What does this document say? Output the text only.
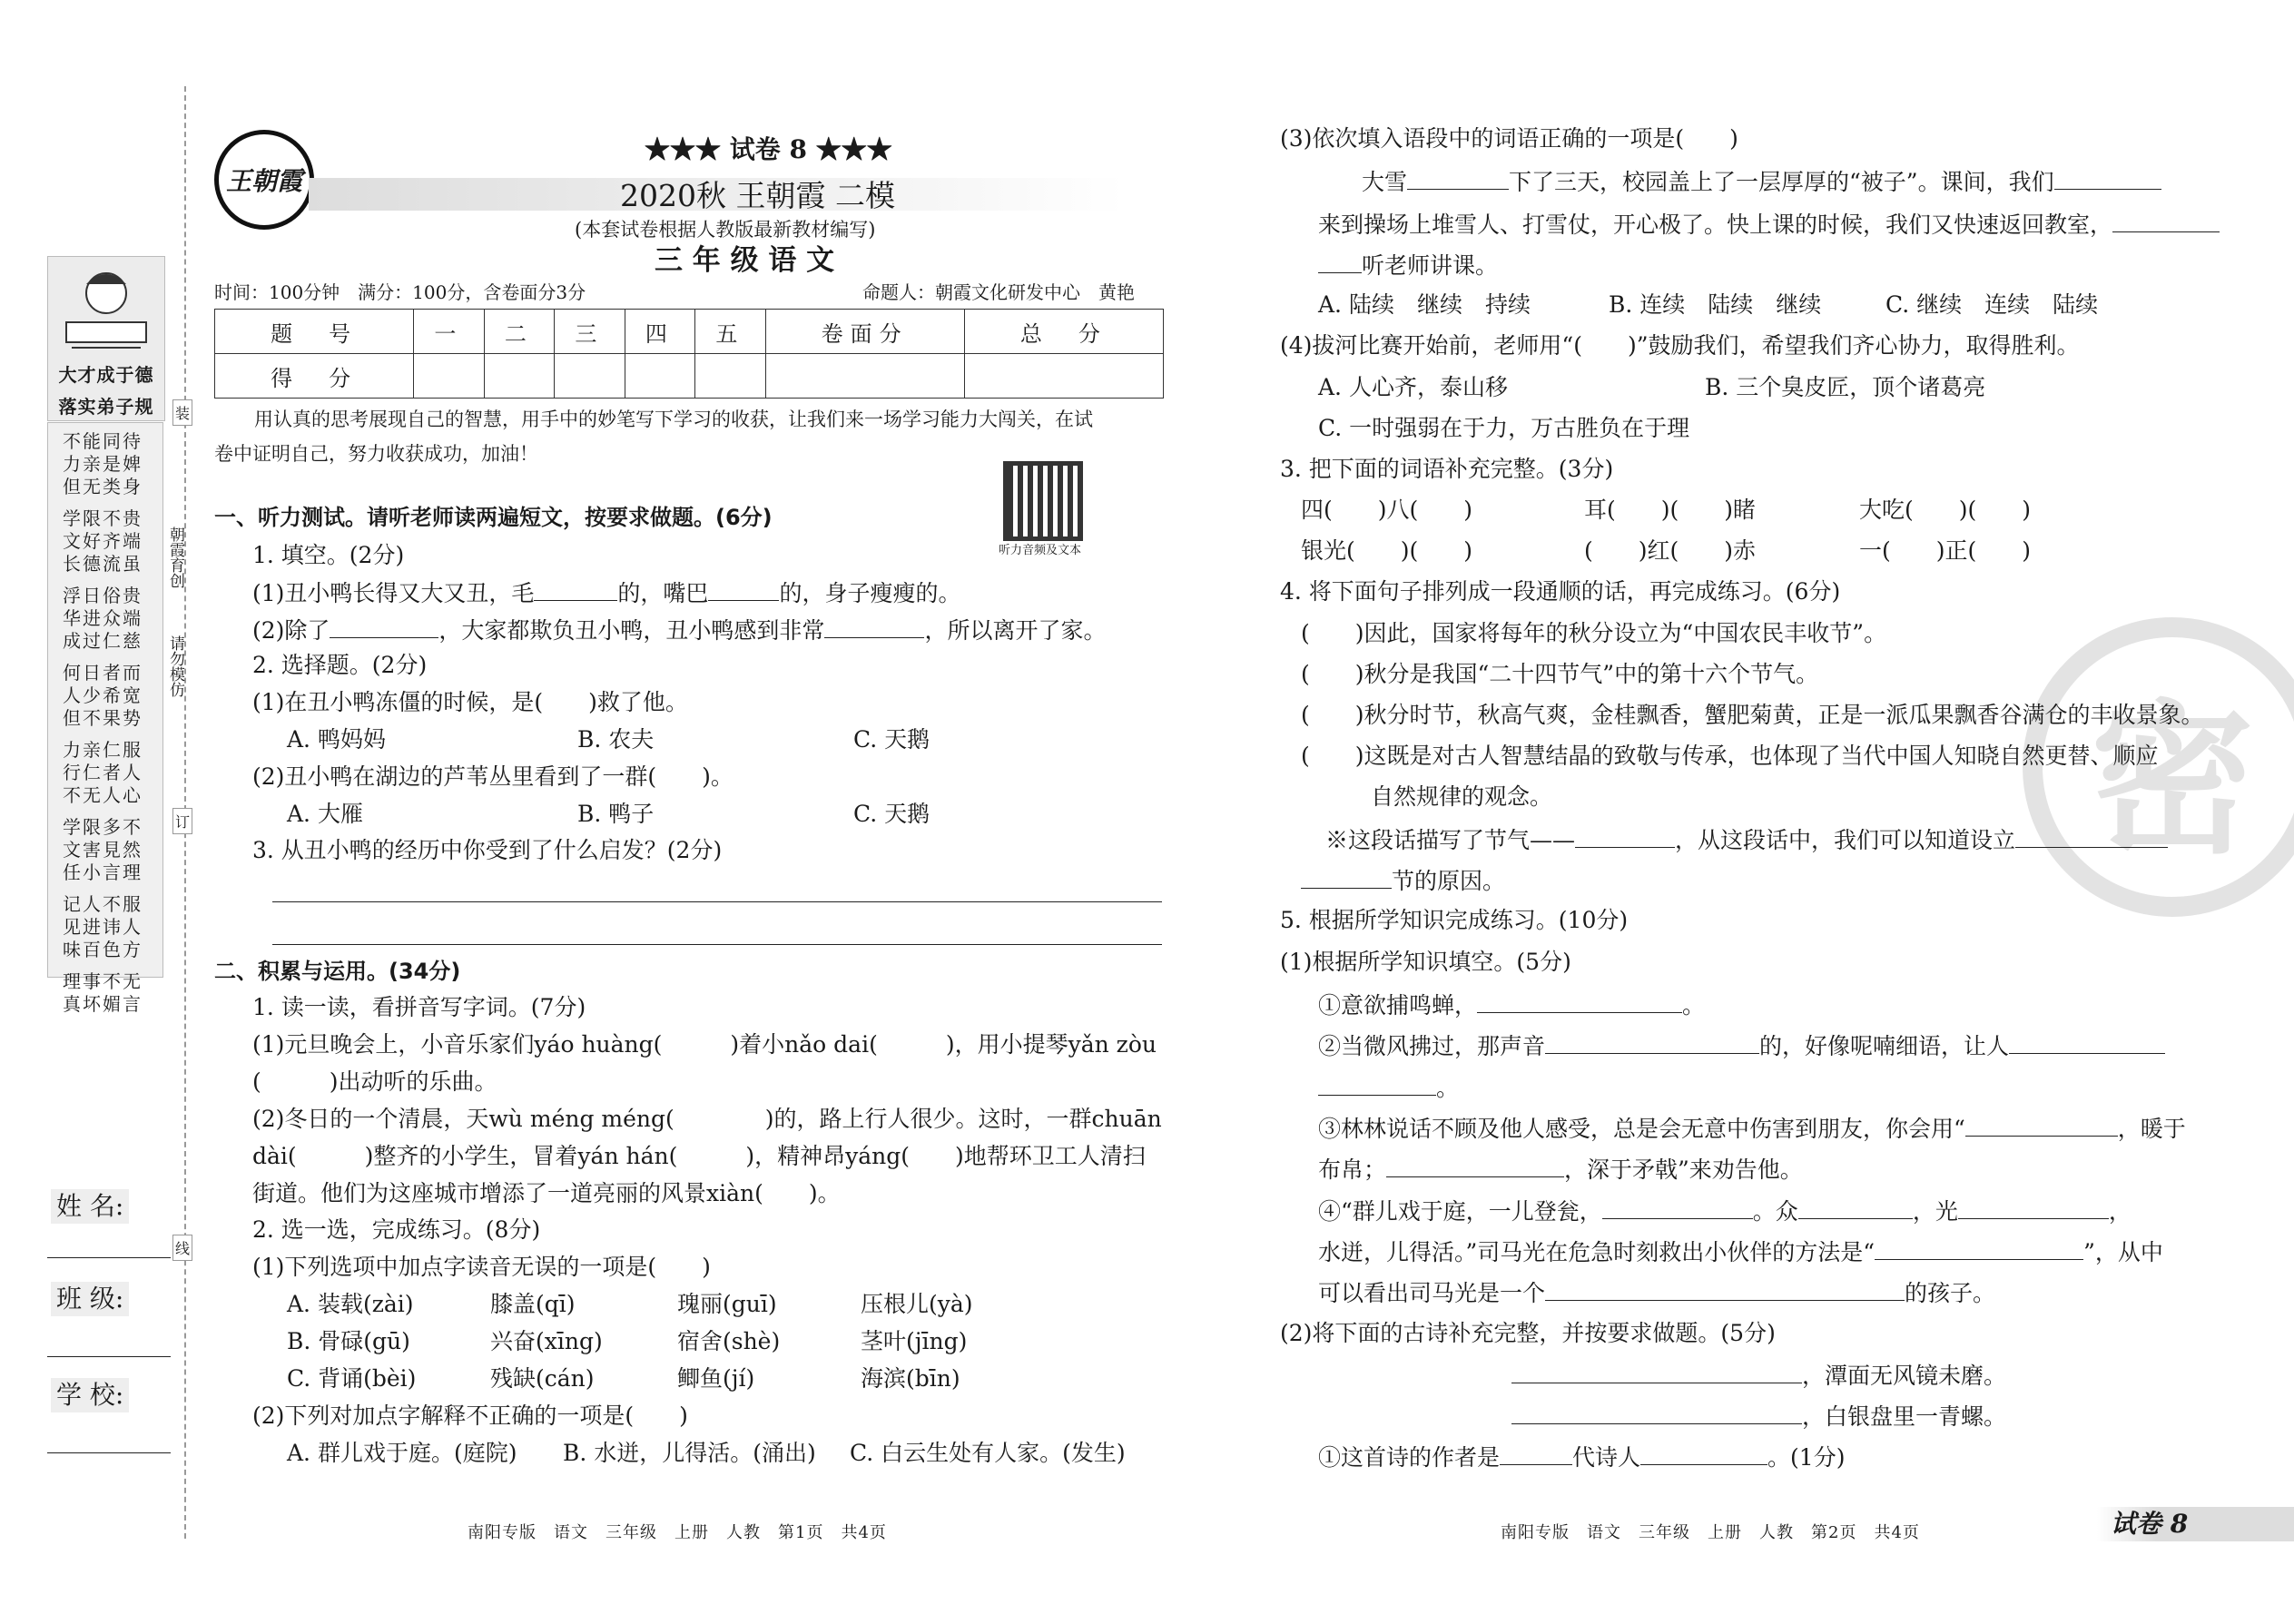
大才成于德
落实弟子规
不能同待
力亲是婢
但无类身
学限不贵
文好齐端
长德流虽
浮日俗贵
华进众端
成过仁慈
何日者而
人少希宽
但不果势
力亲仁服
行仁者人
不无人心
学限多不
文害見然
任小言理
记人不服
见进讳人
味百色方
理事不无
真坏媚言
装
订
线
朝霞育创
请勿模仿
姓 名:
班 级:
学 校:
王朝霞
★★★ 试卷 8 ★★★
2020秋 王朝霞 二模
(本套试卷根据人教版最新教材编写)
三 年 级 语 文
时间：100分钟　满分：100分，含卷面分3分	命题人：朝霞文化研发中心　黄艳
题　号	一	二	三	四	五	卷面分	总　分
得　分							
用认真的思考展现自己的智慧，用手中的妙笔写下学习的收获，让我们来一场学习能力大闯关，在试
卷中证明自己，努力收获成功，加油！
听力音频及文本
一、听力测试。请听老师读两遍短文，按要求做题。(6分)
1. 填空。(2分)
(1)丑小鸭长得又大又丑，毛	的，嘴巴	的，身子瘦瘦的。
(2)除了	，大家都欺负丑小鸭，丑小鸭感到非常	，所以离开了家。
2. 选择题。(2分)
(1)在丑小鸭冻僵的时候，是(　　)救了他。
A. 鸭妈妈	B. 农夫	C. 天鹅
(2)丑小鸭在湖边的芦苇丛里看到了一群(　　)。
A. 大雁	B. 鸭子	C. 天鹅
3. 从丑小鸭的经历中你受到了什么启发？(2分)
二、积累与运用。(34分)
1. 读一读，看拼音写字词。(7分)
(1)元旦晚会上，小音乐家们yáo huàng(　　　)着小nǎo dai(　　　)，用小提琴yǎn zòu
(　　　)出动听的乐曲。
(2)冬日的一个清晨，天wù méng méng(　　　　)的，路上行人很少。这时，一群chuān
dài(　　　)整齐的小学生，冒着yán hán(　　　)，精神昂yáng(　　)地帮环卫工人清扫
街道。他们为这座城市增添了一道亮丽的风景xiàn(　　)。
2. 选一选，完成练习。(8分)
(1)下列选项中加点字读音无误的一项是(　　)
A. 装载(zài)	膝盖(qī)	瑰丽(guī)	压根儿(yà)
B. 骨碌(gū)	兴奋(xīng)	宿舍(shè)	茎叶(jīng)
C. 背诵(bèi)	残缺(cán)	鲫鱼(jí)	海滨(bīn)
(2)下列对加点字解释不正确的一项是(　　)
A. 群儿戏于庭。(庭院) B. 水迸，儿得活。(涌出) C. 白云生处有人家。(发生)
南阳专版　语文　三年级　上册　人教　第1页　共4页
密
(3)依次填入语段中的词语正确的一项是(　　)
大雪	下了三天，校园盖上了一层厚厚的“被子”。课间，我们
来到操场上堆雪人、打雪仗，开心极了。快上课的时候，我们又快速返回教室，
听老师讲课。
A. 陆续　继续　持续	B. 连续　陆续　继续	C. 继续　连续　陆续
(4)拔河比赛开始前，老师用“(　　)”鼓励我们，希望我们齐心协力，取得胜利。
A. 人心齐，泰山移	B. 三个臭皮匠，顶个诸葛亮
C. 一时强弱在于力，万古胜负在于理
3. 把下面的词语补充完整。(3分)
四(　　)八(　　)	耳(　　)(　　)睹	大吃(　　)(　　)
银光(　　)(　　)	(　　)红(　　)赤	一(　　)正(　　)
4. 将下面句子排列成一段通顺的话，再完成练习。(6分)
(　　)因此，国家将每年的秋分设立为“中国农民丰收节”。
(　　)秋分是我国“二十四节气”中的第十六个节气。
(　　)秋分时节，秋高气爽，金桂飘香，蟹肥菊黄，正是一派瓜果飘香谷满仓的丰收景象。
(　　)这既是对古人智慧结晶的致敬与传承，也体现了当代中国人知晓自然更替、顺应
自然规律的观念。
※这段话描写了节气——	，从这段话中，我们可以知道设立
节的原因。
5. 根据所学知识完成练习。(10分)
(1)根据所学知识填空。(5分)
①意欲捕鸣蝉，	。
②当微风拂过，那声音	的，好像呢喃细语，让人
。
③林林说话不顾及他人感受，总是会无意中伤害到朋友，你会用“	，暖于
布帛；	，深于矛戟”来劝告他。
④“群儿戏于庭，一儿登瓮，	。众	，光	，
水迸，儿得活。”司马光在危急时刻救出小伙伴的方法是“	”，从中
可以看出司马光是一个	的孩子。
(2)将下面的古诗补充完整，并按要求做题。(5分)
，潭面无风镜未磨。
，白银盘里一青螺。
①这首诗的作者是	代诗人	。(1分)
南阳专版　语文　三年级　上册　人教　第2页　共4页	试卷 8
